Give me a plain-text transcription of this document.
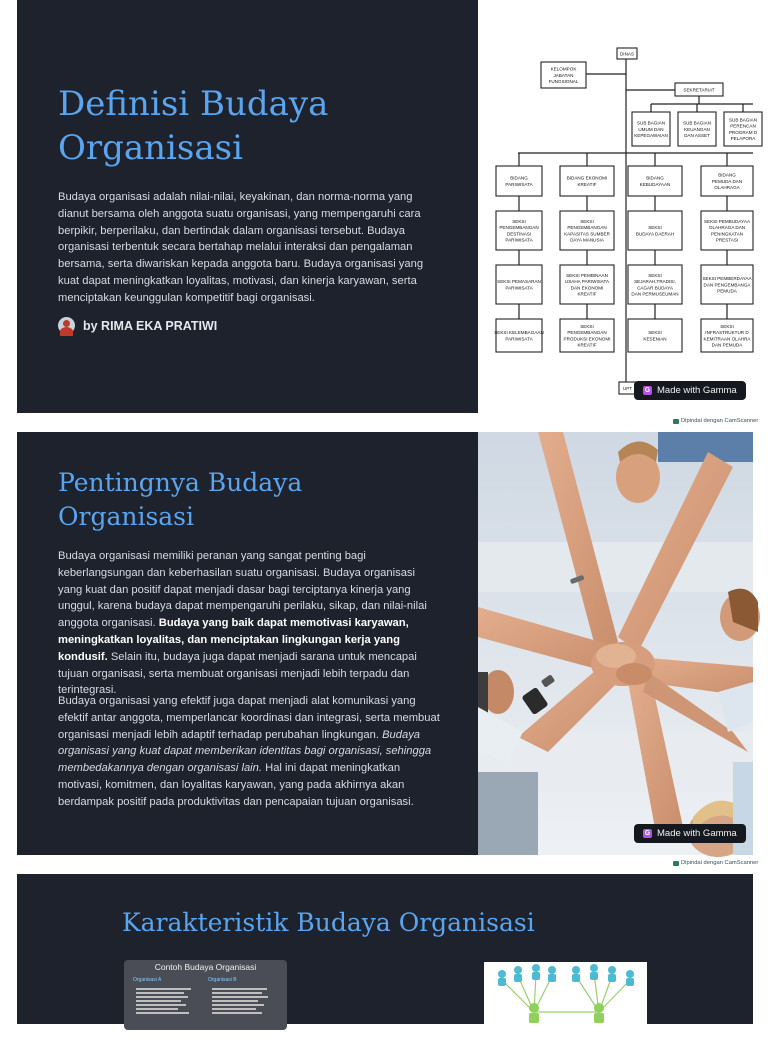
Definisi Budaya
Organisasi

Budaya organisasi adalah nilai-nilai, keyakinan, dan norma-norma yang dianut bersama oleh anggota suatu organisasi, yang mempengaruhi cara berpikir, berperilaku, dan bertindak dalam organisasi tersebut. Budaya organisasi terbentuk secara bertahap melalui interaksi dan pengalaman bersama, serta diwariskan kepada anggota baru. Budaya organisasi yang kuat dapat meningkatkan loyalitas, motivasi, dan kinerja karyawan, serta menciptakan keunggulan kompetitif bagi organisasi.

by RIMA EKA PRATIWI
DINAS
KELOMPOK
JABATAN
FUNGSIONAL
SEKRETARIAT
SUB BAGIAN
UMUM DAN
KEPEGAWAIAN
SUB BAGIAN
KEUANGAN
DAN ASSET
SUB BAGIAN
PERENCAN
PROGRAM D
PELAPORA
BIDANG
PARIWISATA
SEKSI
PENGEMBANGAN
DESTINASI
PARIWISATA
SEKSI PEMASARAN
PARIWISATA
SEKSI KELEMBAGAAN
PARIWISATA
BIDANG EKONOMI
KREATIF
SEKSI
PENGEMBANGAN
KAPASITAS SUMBER
DAYA MANUSIA
SEKSI PEMBINAAN
USAHA PARIWISATA
DAN EKONOMI
KREATIF
SEKSI
PENGEMBANGAN
PRODUKSI EKONOMI
KREATIF
BIDANG
KEBUDAYAAN
SEKSI
BUDAYA DAERAH
SEKSI
SEJARAH,TRADISI,
CAGAR BUDAYA
DAN PERMUSEUMAN
SEKSI
KESENIAN
BIDANG
PEMUDA DAN
OLAHRAGA
SEKSI PEMBUDAYAA
OLAHRAGA DAN
PENINGKATAN
PRESTASI
SEKSI PEMBERDAYAA
DAN PENGEMBANGA
PEMUDA
SEKSI
INFRASTRUKTUR D
KEMITRAAN OLAHRA
DAN PEMUDA
UPT G Made with Gamma
Dipindai dengan CamScanner
Pentingnya Budaya
Organisasi

Budaya organisasi memiliki peranan yang sangat penting bagi keberlangsungan dan keberhasilan suatu organisasi. Budaya organisasi yang kuat dan positif dapat menjadi dasar bagi terciptanya kinerja yang unggul, karena budaya dapat mempengaruhi perilaku, sikap, dan nilai-nilai anggota organisasi. Budaya yang baik dapat memotivasi karyawan, meningkatkan loyalitas, dan menciptakan lingkungan kerja yang kondusif. Selain itu, budaya juga dapat menjadi sarana untuk mencapai tujuan organisasi, serta membuat organisasi menjadi lebih terpadu dan terintegrasi.

Budaya organisasi yang efektif juga dapat menjadi alat komunikasi yang efektif antar anggota, memperlancar koordinasi dan integrasi, serta membuat organisasi menjadi lebih adaptif terhadap perubahan lingkungan. Budaya organisasi yang kuat dapat memberikan identitas bagi organisasi, sehingga membedakannya dengan organisasi lain. Hal ini dapat meningkatkan motivasi, komitmen, dan loyalitas karyawan, yang pada akhirnya akan berdampak positif pada produktivitas dan pencapaian tujuan organisasi.

G Made with Gamma
Dipindai dengan CamScanner
Karakteristik Budaya Organisasi
Contoh Budaya Organisasi
Organisasi A	Organisasi B
